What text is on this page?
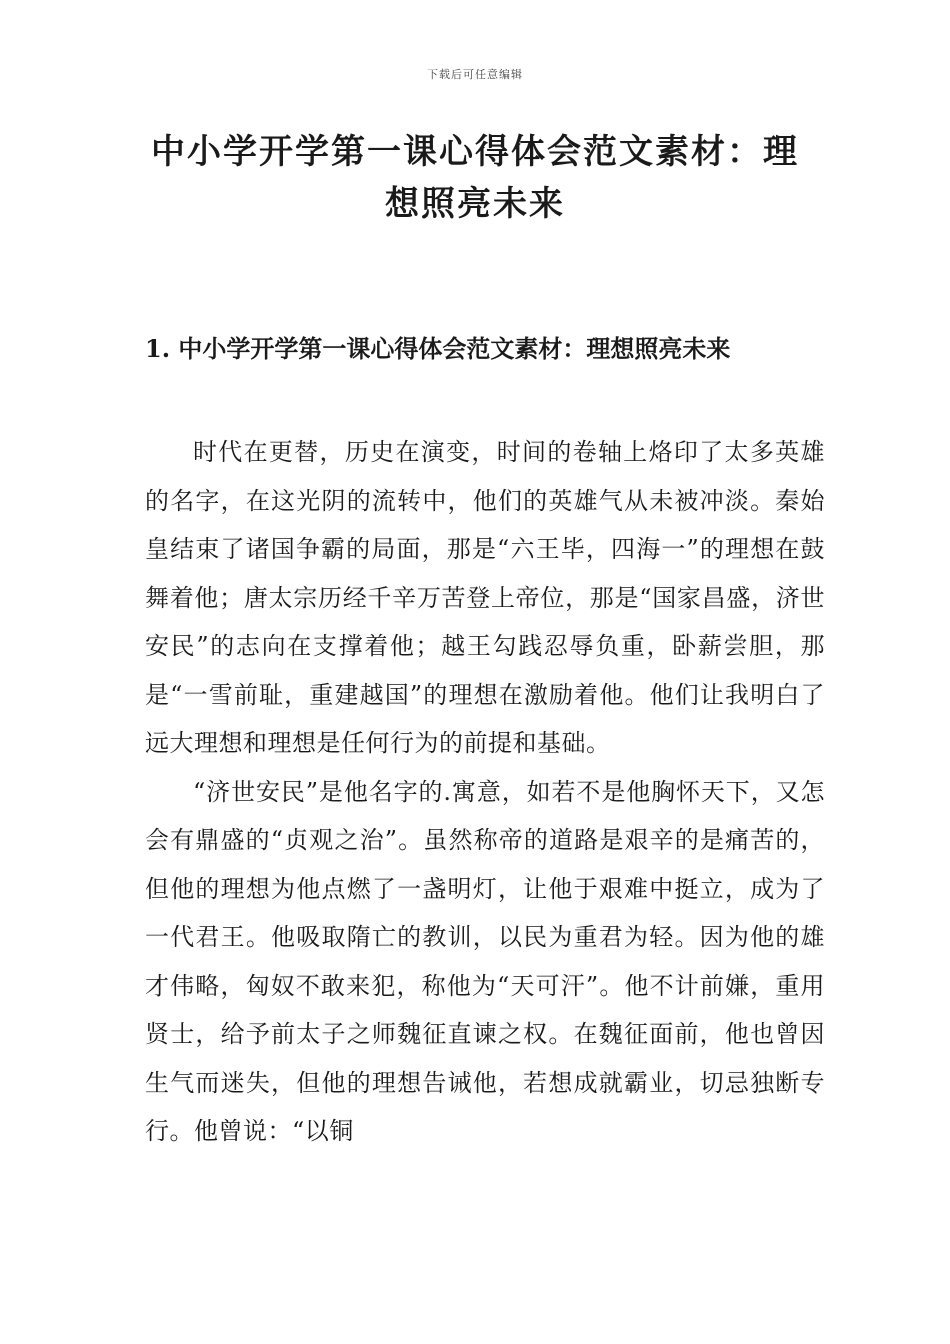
下载后可任意编辑
中小学开学第一课心得体会范文素材：理想照亮未来
1. 中小学开学第一课心得体会范文素材：理想照亮未来

时代在更替，历史在演变，时间的卷轴上烙印了太多英雄的名字，在这光阴的流转中，他们的英雄气从未被冲淡。秦始皇结束了诸国争霸的局面，那是“六王毕，四海一”的理想在鼓舞着他；唐太宗历经千辛万苦登上帝位，那是“国家昌盛，济世安民”的志向在支撑着他；越王勾践忍辱负重，卧薪尝胆，那是“一雪前耻，重建越国”的理想在激励着他。他们让我明白了远大理想和理想是任何行为的前提和基础。

“济世安民”是他名字的.寓意，如若不是他胸怀天下，又怎会有鼎盛的“贞观之治”。虽然称帝的道路是艰辛的是痛苦的，但他的理想为他点燃了一盏明灯，让他于艰难中挺立，成为了一代君王。他吸取隋亡的教训，以民为重君为轻。因为他的雄才伟略，匈奴不敢来犯，称他为“天可汗”。他不计前嫌，重用贤士，给予前太子之师魏征直谏之权。在魏征面前，他也曾因生气而迷失，但他的理想告诫他，若想成就霸业，切忌独断专行。他曾说：“以铜
